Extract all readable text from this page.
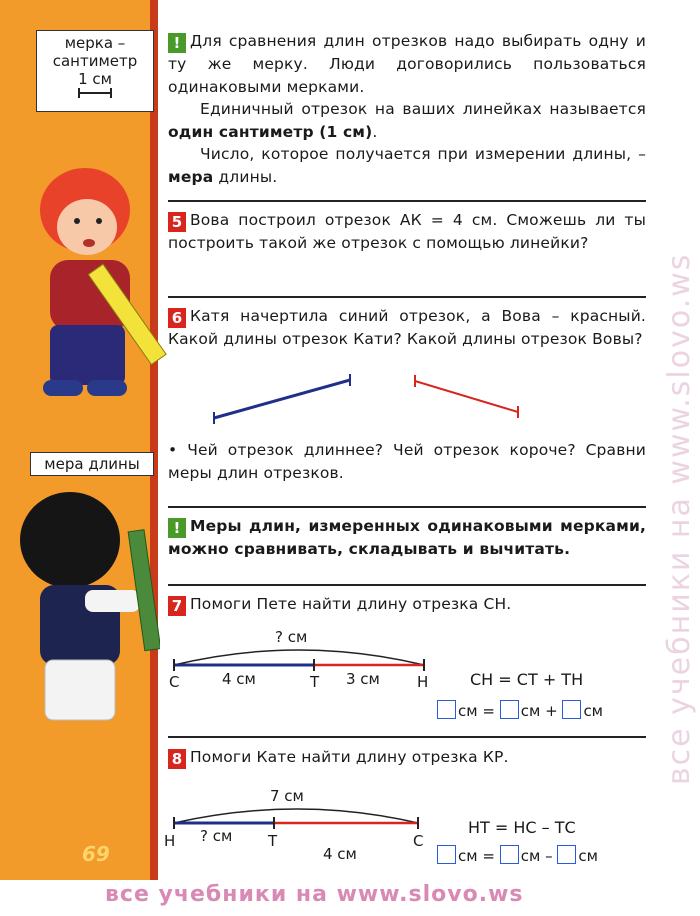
мерка –
сантиметр
1 см
мера длины
69
! Для сравнения длин отрезков надо выбирать одну и ту же мерку. Люди договорились пользоваться одинаковыми мерками.
Единичный отрезок на ваших линейках называется один сантиметр (1 см).
Число, которое получается при измерении длины, – мера длины.
5 Вова построил отрезок АК = 4 см. Сможешь ли ты построить такой же отрезок с помощью линейки?
6 Катя начертила синий отрезок, а Вова – красный. Какой длины отрезок Кати? Какой длины отрезок Вовы?
• Чей отрезок длиннее? Чей отрезок короче? Сравни меры длин отрезков.
! Меры длин, измеренных одинаковыми мерками, можно сравнивать, складывать и вычитать.
7 Помоги Пете найти длину отрезка СН.
? см
С	Т	Н
4 см	3 см	СН = СТ + ТН
см = см + см
8 Помоги Кате найти длину отрезка КР.
7 см
Н	Т	С
? см
4 см
НТ = НС – ТС
см = см – см
все учебники на www.slovo.ws
все учебники на www.slovo.ws
